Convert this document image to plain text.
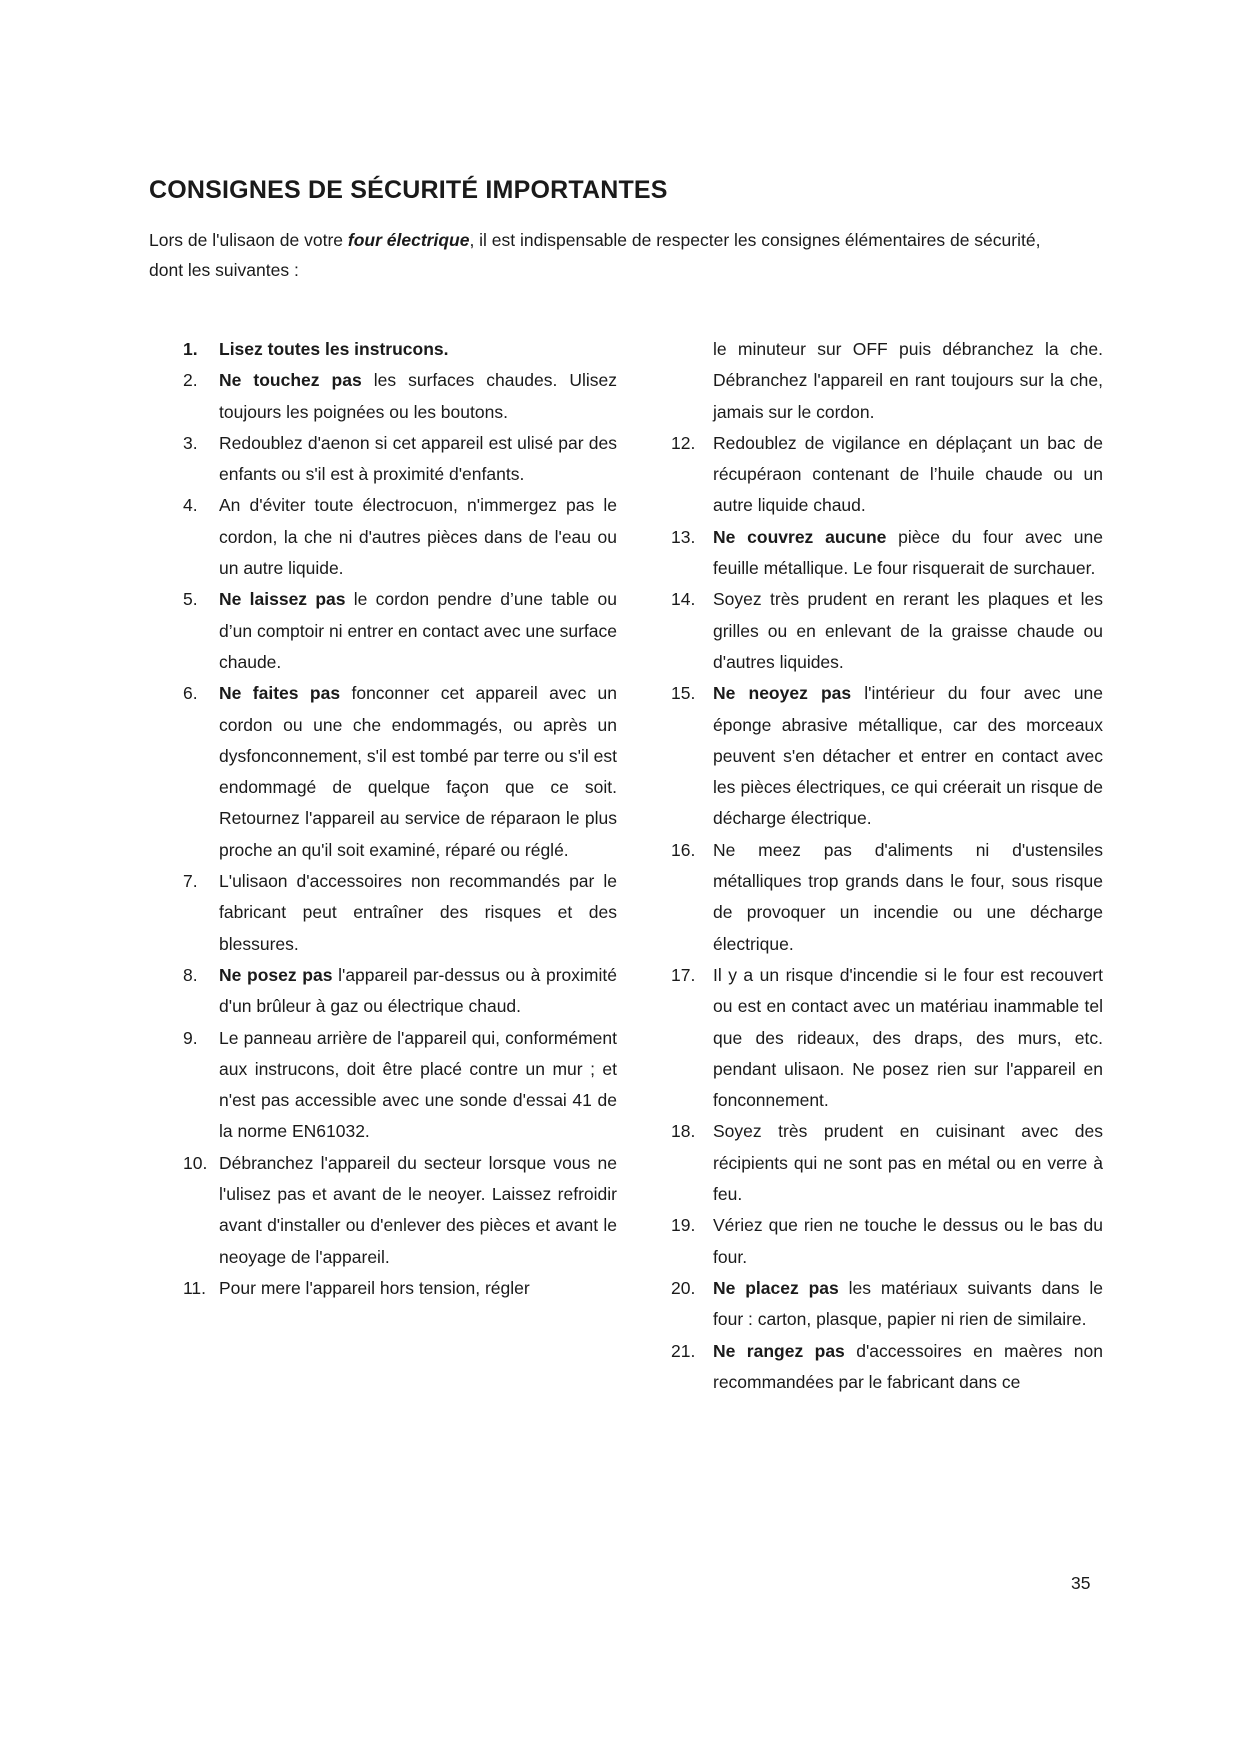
CONSIGNES DE SÉCURITÉ IMPORTANTES

Lors de l'ulisaon de votre four électrique, il est indispensable de respecter les consignes élémentaires de sécurité, dont les suivantes :

1. Lisez toutes les instrucons.

2. Ne touchez pas les surfaces chaudes. Ulisez toujours les poignées ou les boutons.

3. Redoublez d'aenon si cet appareil est ulisé par des enfants ou s'il est à proximité d'enfants.

4. An d'éviter toute électrocuon, n'immergez pas le cordon, la che ni d'autres pièces dans de l'eau ou un autre liquide.

5. Ne laissez pas le cordon pendre d’une table ou d’un comptoir ni entrer en contact avec une surface chaude.

6. Ne faites pas fonconner cet appareil avec un cordon ou une che endommagés, ou après un dysfonconnement, s'il est tombé par terre ou s'il est endommagé de quelque façon que ce soit. Retournez l'appareil au service de réparaon le plus proche an qu'il soit examiné, réparé ou réglé.

7. L'ulisaon d'accessoires non recommandés par le fabricant peut entraîner des risques et des blessures.

8. Ne posez pas l'appareil par-dessus ou à proximité d'un brûleur à gaz ou électrique chaud.

9. Le panneau arrière de l'appareil qui, conformément aux instrucons, doit être placé contre un mur ; et n'est pas accessible avec une sonde d'essai 41 de la norme EN61032.

10. Débranchez l'appareil du secteur lorsque vous ne l'ulisez pas et avant de le neoyer. Laissez refroidir avant d'installer ou d'enlever des pièces et avant le neoyage de l'appareil.

11. Pour mere l'appareil hors tension, régler

le minuteur sur OFF puis débranchez la che. Débranchez l'appareil en rant toujours sur la che, jamais sur le cordon.

12. Redoublez de vigilance en déplaçant un bac de récupéraon contenant de l’huile chaude ou un autre liquide chaud.

13. Ne couvrez aucune pièce du four avec une feuille métallique. Le four risquerait de surchauer.

14. Soyez très prudent en rerant les plaques et les grilles ou en enlevant de la graisse chaude ou d'autres liquides.

15. Ne neoyez pas l'intérieur du four avec une éponge abrasive métallique, car des morceaux peuvent s'en détacher et entrer en contact avec les pièces électriques, ce qui créerait un risque de décharge électrique.

16. Ne meez pas d'aliments ni d'ustensiles métalliques trop grands dans le four, sous risque de provoquer un incendie ou une décharge électrique.

17. Il y a un risque d'incendie si le four est recouvert ou est en contact avec un matériau inammable tel que des rideaux, des draps, des murs, etc. pendant ulisaon. Ne posez rien sur l'appareil en fonconnement.

18. Soyez très prudent en cuisinant avec des récipients qui ne sont pas en métal ou en verre à feu.

19. Vériez que rien ne touche le dessus ou le bas du four.

20. Ne placez pas les matériaux suivants dans le four : carton, plasque, papier ni rien de similaire.

21. Ne rangez pas d'accessoires en maères non recommandées par le fabricant dans ce

35
